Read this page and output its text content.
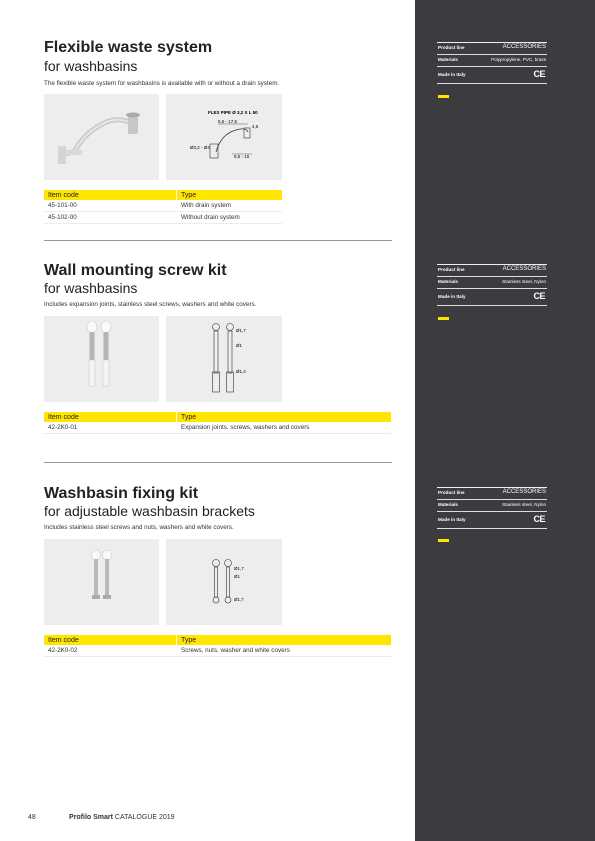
Flexible waste system
for washbasins
The flexible waste system for washbasins is available with or without a drain system.
FLEX PIPE Ø 3,2 X L 50
5,5 - 17,5
4,5
Ø3,2 - Ø4
8,5 - 15
Item code	Type
45-101-00	With drain system
45-102-00	Without drain system
Product line	ACCESSORIES
Materials	Polypropylene, PVC, brass
Made in Italy	CE
Wall mounting screw kit
for washbasins
Includes expansion joints, stainless steel screws, washers and white covers.
Ø1,7
Ø1
Ø1,4
Item code	Type
42-2K0-01	Expansion joints, screws, washers and covers
Product line	ACCESSORIES
Materials	Stainless steel, Nylon
Made in Italy	CE
Washbasin fixing kit
for adjustable washbasin brackets
Includes stainless steel screws and nuts, washers and white covers.
Ø1,7
Ø1
Ø1,7
Item code	Type
42-2K0-02	Screws, nuts, washer and white covers
Product line	ACCESSORIES
Materials	Stainless steel, Nylon
Made in Italy	CE
48	Profilo Smart CATALOGUE 2019
